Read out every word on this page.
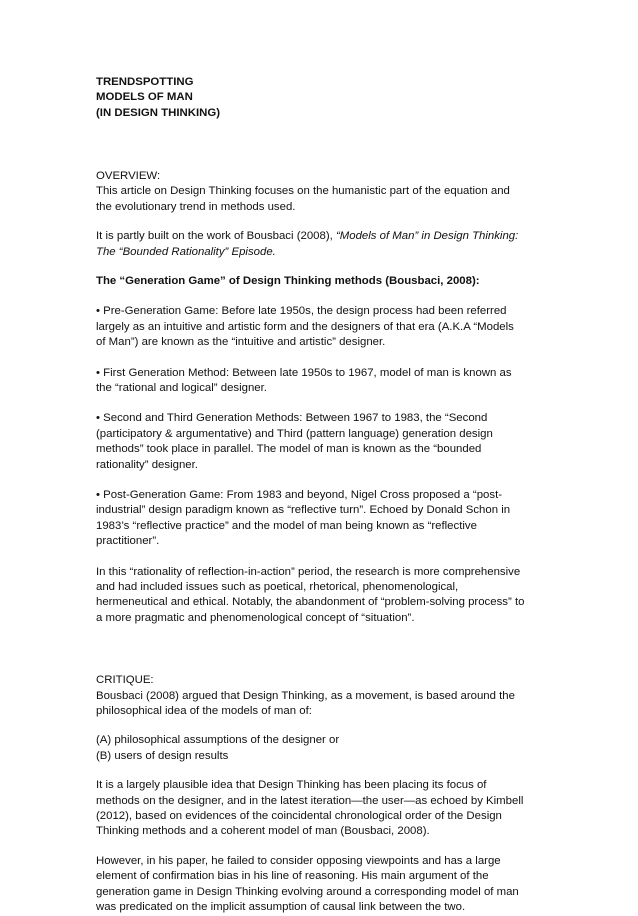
TRENDSPOTTING
MODELS OF MAN
(IN DESIGN THINKING)

OVERVIEW:

This article on Design Thinking focuses on the humanistic part of the equation and

the evolutionary trend in methods used.

It is partly built on the work of Bousbaci (2008), “Models of Man” in Design Thinking:

The “Bounded Rationality” Episode.

The “Generation Game” of Design Thinking methods (Bousbaci, 2008):

• Pre-Generation Game: Before late 1950s, the design process had been referred

largely as an intuitive and artistic form and the designers of that era (A.K.A “Models

of Man”) are known as the “intuitive and artistic” designer.

• First Generation Method: Between late 1950s to 1967, model of man is known as

the “rational and logical” designer.

• Second and Third Generation Methods: Between 1967 to 1983, the “Second

(participatory & argumentative) and Third (pattern language) generation design

methods” took place in parallel. The model of man is known as the “bounded

rationality” designer.

• Post-Generation Game: From 1983 and beyond, Nigel Cross proposed a “post-

industrial” design paradigm known as “reflective turn”. Echoed by Donald Schon in

1983’s “reflective practice” and the model of man being known as “reflective

practitioner”.

In this “rationality of reflection-in-action” period, the research is more comprehensive

and had included issues such as poetical, rhetorical, phenomenological,

hermeneutical and ethical. Notably, the abandonment of “problem-solving process” to

a more pragmatic and phenomenological concept of “situation”.

CRITIQUE:

Bousbaci (2008) argued that Design Thinking, as a movement, is based around the

philosophical idea of the models of man of:

(A) philosophical assumptions of the designer or

(B) users of design results

It is a largely plausible idea that Design Thinking has been placing its focus of

methods on the designer, and in the latest iteration—the user—as echoed by Kimbell

(2012), based on evidences of the coincidental chronological order of the Design

Thinking methods and a coherent model of man (Bousbaci, 2008).

However, in his paper, he failed to consider opposing viewpoints and has a large

element of confirmation bias in his line of reasoning. His main argument of the

generation game in Design Thinking evolving around a corresponding model of man

was predicated on the implicit assumption of causal link between the two.
